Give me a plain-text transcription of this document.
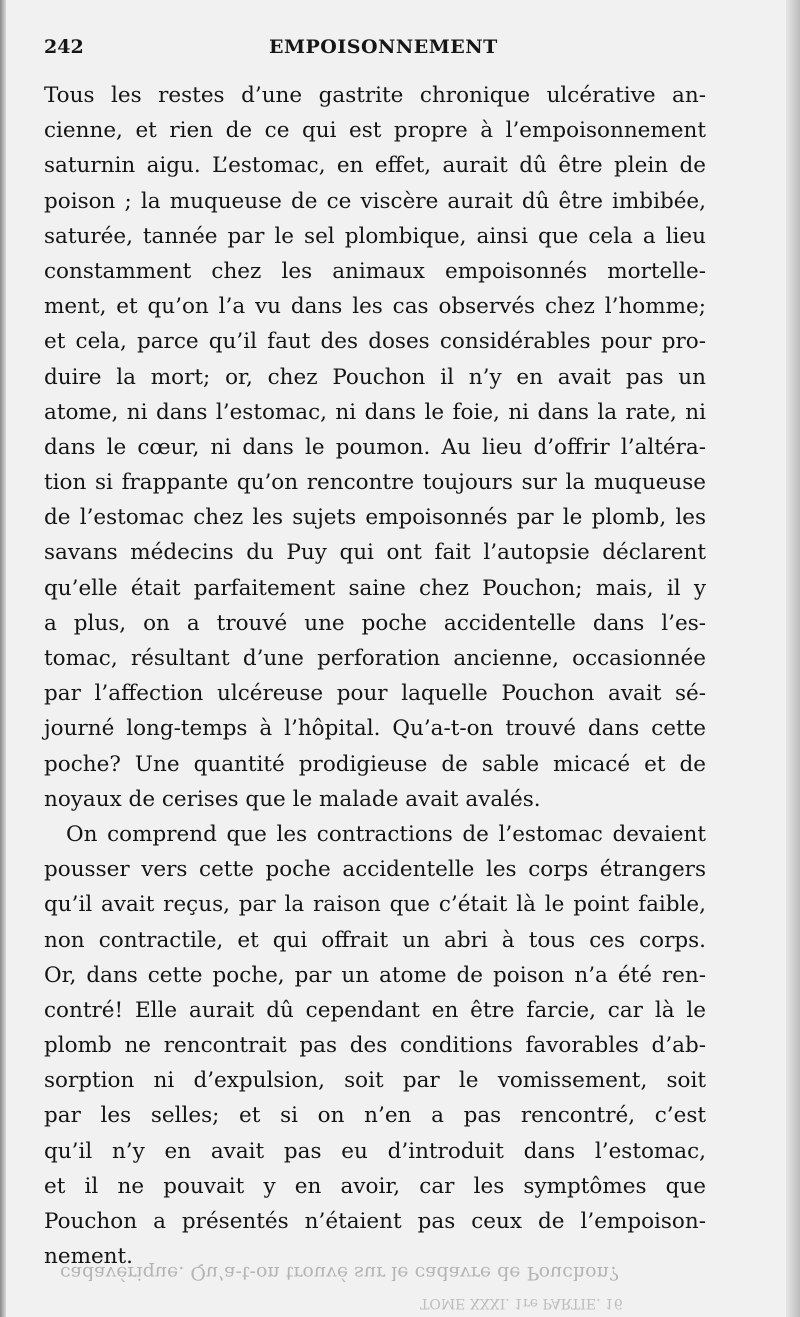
242	EMPOISONNEMENT
Tous les restes d’une gastrite chronique ulcérative an-
cienne, et rien de ce qui est propre à l’empoisonnement
saturnin aigu. L’estomac, en effet, aurait dû être plein de
poison ; la muqueuse de ce viscère aurait dû être imbibée,
saturée, tannée par le sel plombique, ainsi que cela a lieu
constamment chez les animaux empoisonnés mortelle-
ment, et qu’on l’a vu dans les cas observés chez l’homme;
et cela, parce qu’il faut des doses considérables pour pro-
duire la mort; or, chez Pouchon il n’y en avait pas un
atome, ni dans l’estomac, ni dans le foie, ni dans la rate, ni
dans le cœur, ni dans le poumon. Au lieu d’offrir l’altéra-
tion si frappante qu’on rencontre toujours sur la muqueuse
de l’estomac chez les sujets empoisonnés par le plomb, les
savans médecins du Puy qui ont fait l’autopsie déclarent
qu’elle était parfaitement saine chez Pouchon; mais, il y
a plus, on a trouvé une poche accidentelle dans l’es-
tomac, résultant d’une perforation ancienne, occasionnée
par l’affection ulcéreuse pour laquelle Pouchon avait sé-
journé long-temps à l’hôpital. Qu’a-t-on trouvé dans cette
poche? Une quantité prodigieuse de sable micacé et de
noyaux de cerises que le malade avait avalés.
On comprend que les contractions de l’estomac devaient
pousser vers cette poche accidentelle les corps étrangers
qu’il avait reçus, par la raison que c’était là le point faible,
non contractile, et qui offrait un abri à tous ces corps.
Or, dans cette poche, par un atome de poison n’a été ren-
contré! Elle aurait dû cependant en être farcie, car là le
plomb ne rencontrait pas des conditions favorables d’ab-
sorption ni d’expulsion, soit par le vomissement, soit
par les selles; et si on n’en a pas rencontré, c’est
qu’il n’y en avait pas eu d’introduit dans l’estomac,
et il ne pouvait y en avoir, car les symptômes que
Pouchon a présentés n’étaient pas ceux de l’empoison-
nement.
cadavérique. Qu’a-t-on trouvé sur le cadavre de Pouchon?
TOME XXXI. 1re PARTIE. 16
